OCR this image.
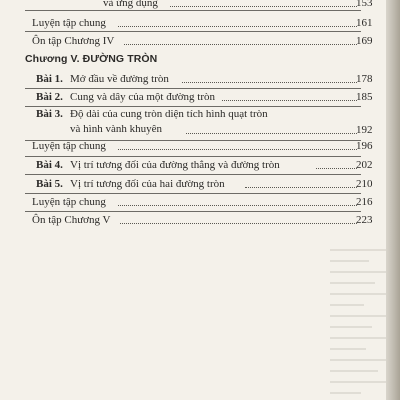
và ứng dụng	153
Luyện tập chung	161
Ôn tập Chương IV	169
Chương V. ĐƯỜNG TRÒN
Bài 1. Mở đầu về đường tròn	178
Bài 2. Cung và dây của một đường tròn	185
Bài 3. Độ dài của cung tròn diện tích hình quạt tròn
và hình vành khuyên	192
Luyện tập chung	196
Bài 4. Vị trí tương đối của đường thẳng và đường tròn	202
Bài 5. Vị trí tương đối của hai đường tròn	210
Luyện tập chung	216
Ôn tập Chương V	223
